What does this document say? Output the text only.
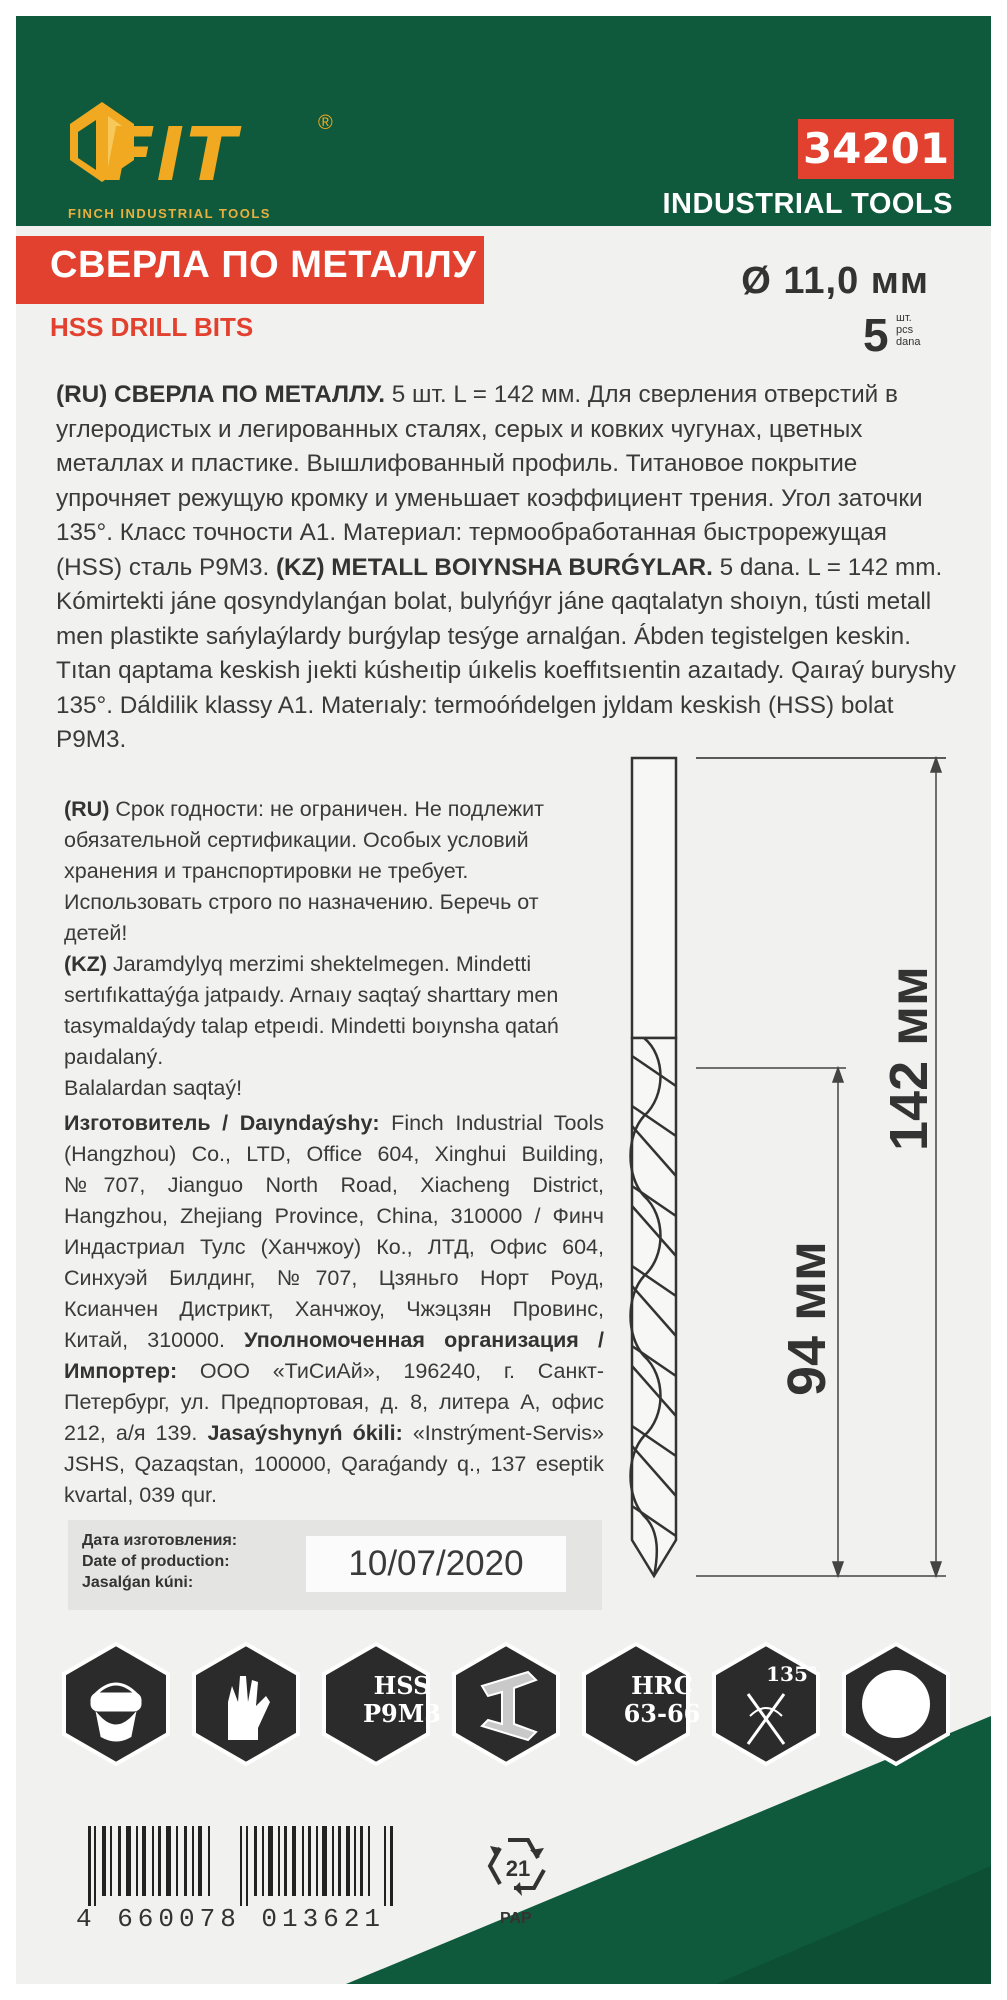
FIT	®
FINCH INDUSTRIAL TOOLS
34201
INDUSTRIAL TOOLS
СВЕРЛА ПО МЕТАЛЛУ
HSS DRILL BITS
Ø 11,0 мм
5 шт.
pcs
dana
(RU) СВЕРЛА ПО МЕТАЛЛУ. 5 шт. L = 142 мм. Для сверления отверстий в углеродистых и легированных сталях, серых и ковких чугунах, цветных металлах и пластике. Вышлифованный профиль. Титановое покрытие упрочняет режущую кромку и уменьшает коэффициент трения. Угол заточки 135°. Класс точности А1. Материал: термообработанная быстрорежущая (HSS) сталь Р9М3. (KZ) METALL BOIYNSHA BURǴYLAR. 5 dana. L = 142 mm. Kómirtekti jáne qosyndylanǵan bolat, bulyńǵyr jáne qaqtalatyn shoıyn, tústi metall men plastikte sańylaýlardy burǵylap tesýge arnalǵan. Ábden tegistelgen keskin. Tıtan qaptama keskish jıekti kúsheıtip úıkelis koeffıtsıentin azaıtady. Qaıraý buryshy 135°. Dáldilik klassy A1. Materıaly: termoóńdelgen jyldam keskish (HSS) bolat P9M3.
(RU) Срок годности: не ограничен. Не подлежит обязательной сертификации. Особых условий хранения и транспортировки не требует. Использовать строго по назначению. Беречь от детей!
(KZ) Jaramdylyq merzimi shektelmegen. Mindetti sertıfıkattaýǵa jatpaıdy. Arnaıy saqtaý sharttary men tasymaldaýdy talap etpeıdi. Mindetti boıynsha qatań paıdalaný.
Balalardan saqtaý!
Изготовитель / Daıyndaýshy: Finch Industrial Tools (Hangzhou) Co., LTD, Office 604, Xinghui Building, №707, Jianguo North Road, Xiacheng District, Hangzhou, Zhejiang Province, China, 310000 / Финч Индастриал Тулс (Ханчжоу) Ко., ЛТД, Офис 604, Синхуэй Билдинг, №707, Цзяньго Норт Роуд, Ксианчен Дистрикт, Ханчжоу, Чжэцзян Провинс, Китай, 310000. Уполномоченная организация / Импортер: ООО «ТиСиАй», 196240, г. Санкт-Петербург, ул. Предпортовая, д. 8, литера А, офис 212, а/я 139. Jasaýshynyń ókili: «Instrýment-Servis» JSHS, Qazaqstan, 100000, Qaraǵandy q., 137 eseptik kvartal, 039 qur.
Дата изготовления:
Date of production:
Jasalǵan kúni:	10/07/2020
142 мм
94 мм
HSS
P9M3
HRC
63-66
135°
4 660078 013621
21
PAP
